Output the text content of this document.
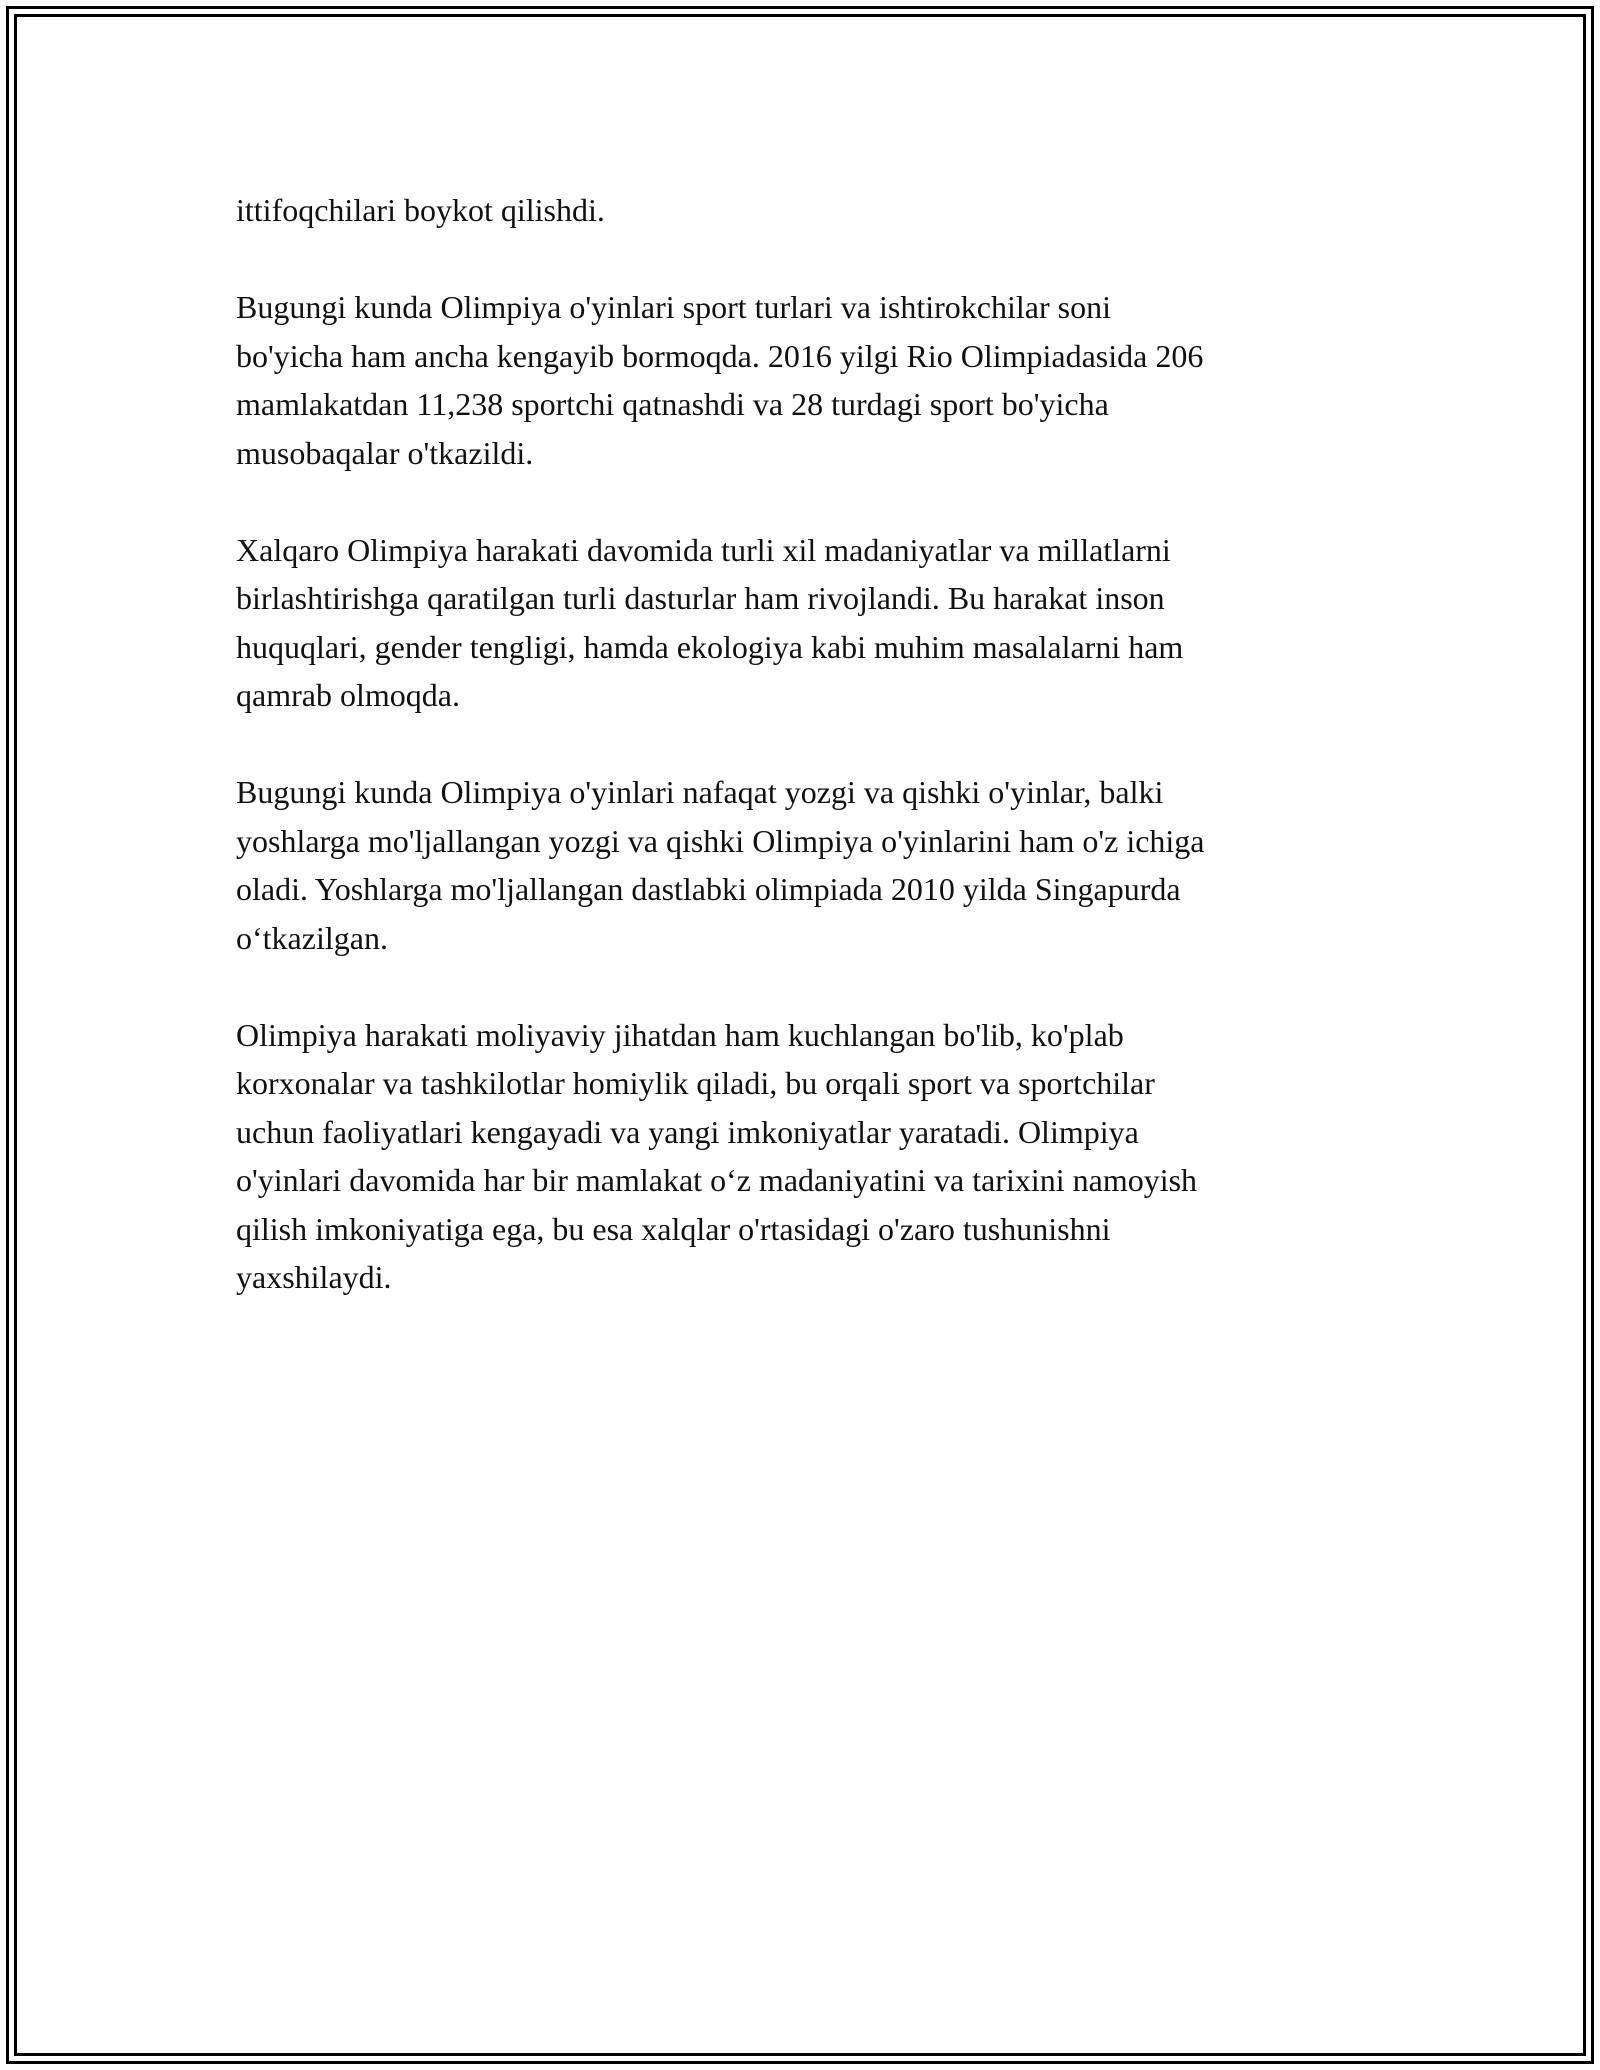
ittifoqchilari boykot qilishdi.

Bugungi kunda Olimpiya o'yinlari sport turlari va ishtirokchilar soni
bo'yicha ham ancha kengayib bormoqda. 2016 yilgi Rio Olimpiadasida 206
mamlakatdan 11,238 sportchi qatnashdi va 28 turdagi sport bo'yicha
musobaqalar o'tkazildi.

Xalqaro Olimpiya harakati davomida turli xil madaniyatlar va millatlarni
birlashtirishga qaratilgan turli dasturlar ham rivojlandi. Bu harakat inson
huquqlari, gender tengligi, hamda ekologiya kabi muhim masalalarni ham
qamrab olmoqda.

Bugungi kunda Olimpiya o'yinlari nafaqat yozgi va qishki o'yinlar, balki
yoshlarga mo'ljallangan yozgi va qishki Olimpiya o'yinlarini ham o'z ichiga
oladi. Yoshlarga mo'ljallangan dastlabki olimpiada 2010 yilda Singapurda
o‘tkazilgan.

Olimpiya harakati moliyaviy jihatdan ham kuchlangan bo'lib, ko'plab
korxonalar va tashkilotlar homiylik qiladi, bu orqali sport va sportchilar
uchun faoliyatlari kengayadi va yangi imkoniyatlar yaratadi. Olimpiya
o'yinlari davomida har bir mamlakat o‘z madaniyatini va tarixini namoyish
qilish imkoniyatiga ega, bu esa xalqlar o'rtasidagi o'zaro tushunishni
yaxshilaydi.
